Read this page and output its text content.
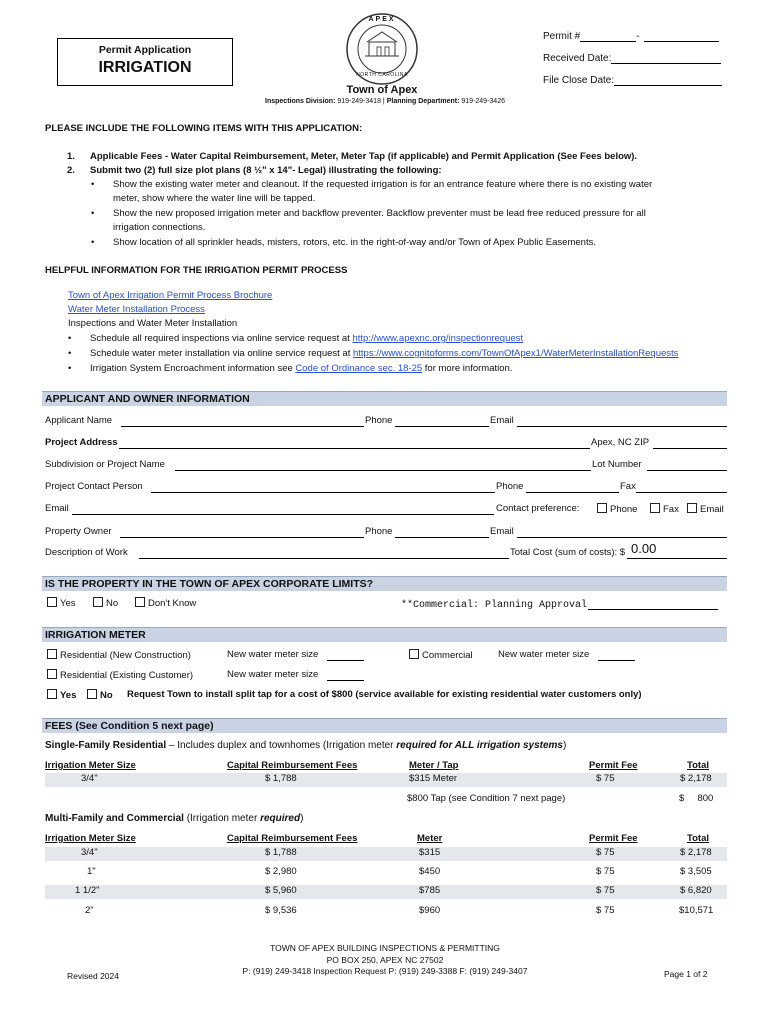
Permit Application
IRRIGATION
APEX
NORTH CAROLINA
Town of Apex
Inspections Division: 919-249-3418 | Planning Department: 919-249-3426
Permit #	-
Received Date:
File Close Date:
PLEASE INCLUDE THE FOLLOWING ITEMS WITH THIS APPLICATION:
1. Applicable Fees - Water Capital Reimbursement, Meter, Meter Tap (if applicable) and Permit Application (See Fees below).
2. Submit two (2) full size plot plans (8 ½" x 14"- Legal) illustrating the following:
• Show the existing water meter and cleanout. If the requested irrigation is for an entrance feature where there is no existing water
meter, show where the water line will be tapped.
• Show the new proposed irrigation meter and backflow preventer. Backflow preventer must be lead free reduced pressure for all
irrigation connections.
• Show location of all sprinkler heads, misters, rotors, etc. in the right-of-way and/or Town of Apex Public Easements.
HELPFUL INFORMATION FOR THE IRRIGATION PERMIT PROCESS
Town of Apex Irrigation Permit Process Brochure
Water Meter Installation Process
Inspections and Water Meter Installation
• Schedule all required inspections via online service request at http://www.apexnc.org/inspectionrequest
• Schedule water meter installation via online service request at https://www.cognitoforms.com/TownOfApex1/WaterMeterInstallationRequests
• Irrigation System Encroachment information see Code of Ordinance sec. 18-25 for more information.
APPLICANT AND OWNER INFORMATION
Applicant Name	Phone	Email
Project Address	Apex, NC ZIP
Subdivision or Project Name	Lot Number
Project Contact Person	Phone	Fax
Email	Contact preference:	Phone	Fax	Email
Property Owner	Phone	Email
Description of Work	Total Cost (sum of costs): $ 0.00
IS THE PROPERTY IN THE TOWN OF APEX CORPORATE LIMITS?
Yes	No	Don't Know	**Commercial: Planning Approval
IRRIGATION METER
Residential (New Construction)	New water meter size	Commercial	New water meter size
Residential (Existing Customer)	New water meter size
Yes	No Request Town to install split tap for a cost of $800 (service available for existing residential water customers only)
FEES (See Condition 5 next page)
Single-Family Residential – Includes duplex and townhomes (Irrigation meter required for ALL irrigation systems)
Irrigation Meter Size	Capital Reimbursement Fees	Meter / Tap	Permit Fee	Total
3/4"	$ 1,788	$315 Meter	$ 75	$ 2,178
$800 Tap (see Condition 7 next page)	$     800
Multi-Family and Commercial (Irrigation meter required)
Irrigation Meter Size	Capital Reimbursement Fees	Meter	Permit Fee	Total
3/4"	$ 1,788	$315	$ 75	$ 2,178
1"	$ 2,980	$450	$ 75	$ 3,505
1 1/2"	$ 5,960	$785	$ 75	$ 6,820
2"	$ 9,536	$960	$ 75	$10,571
TOWN OF APEX BUILDING INSPECTIONS & PERMITTING
PO BOX 250, APEX NC 27502
P: (919) 249-3418 Inspection Request P: (919) 249-3388 F: (919) 249-3407
Revised 2024	Page 1 of 2
